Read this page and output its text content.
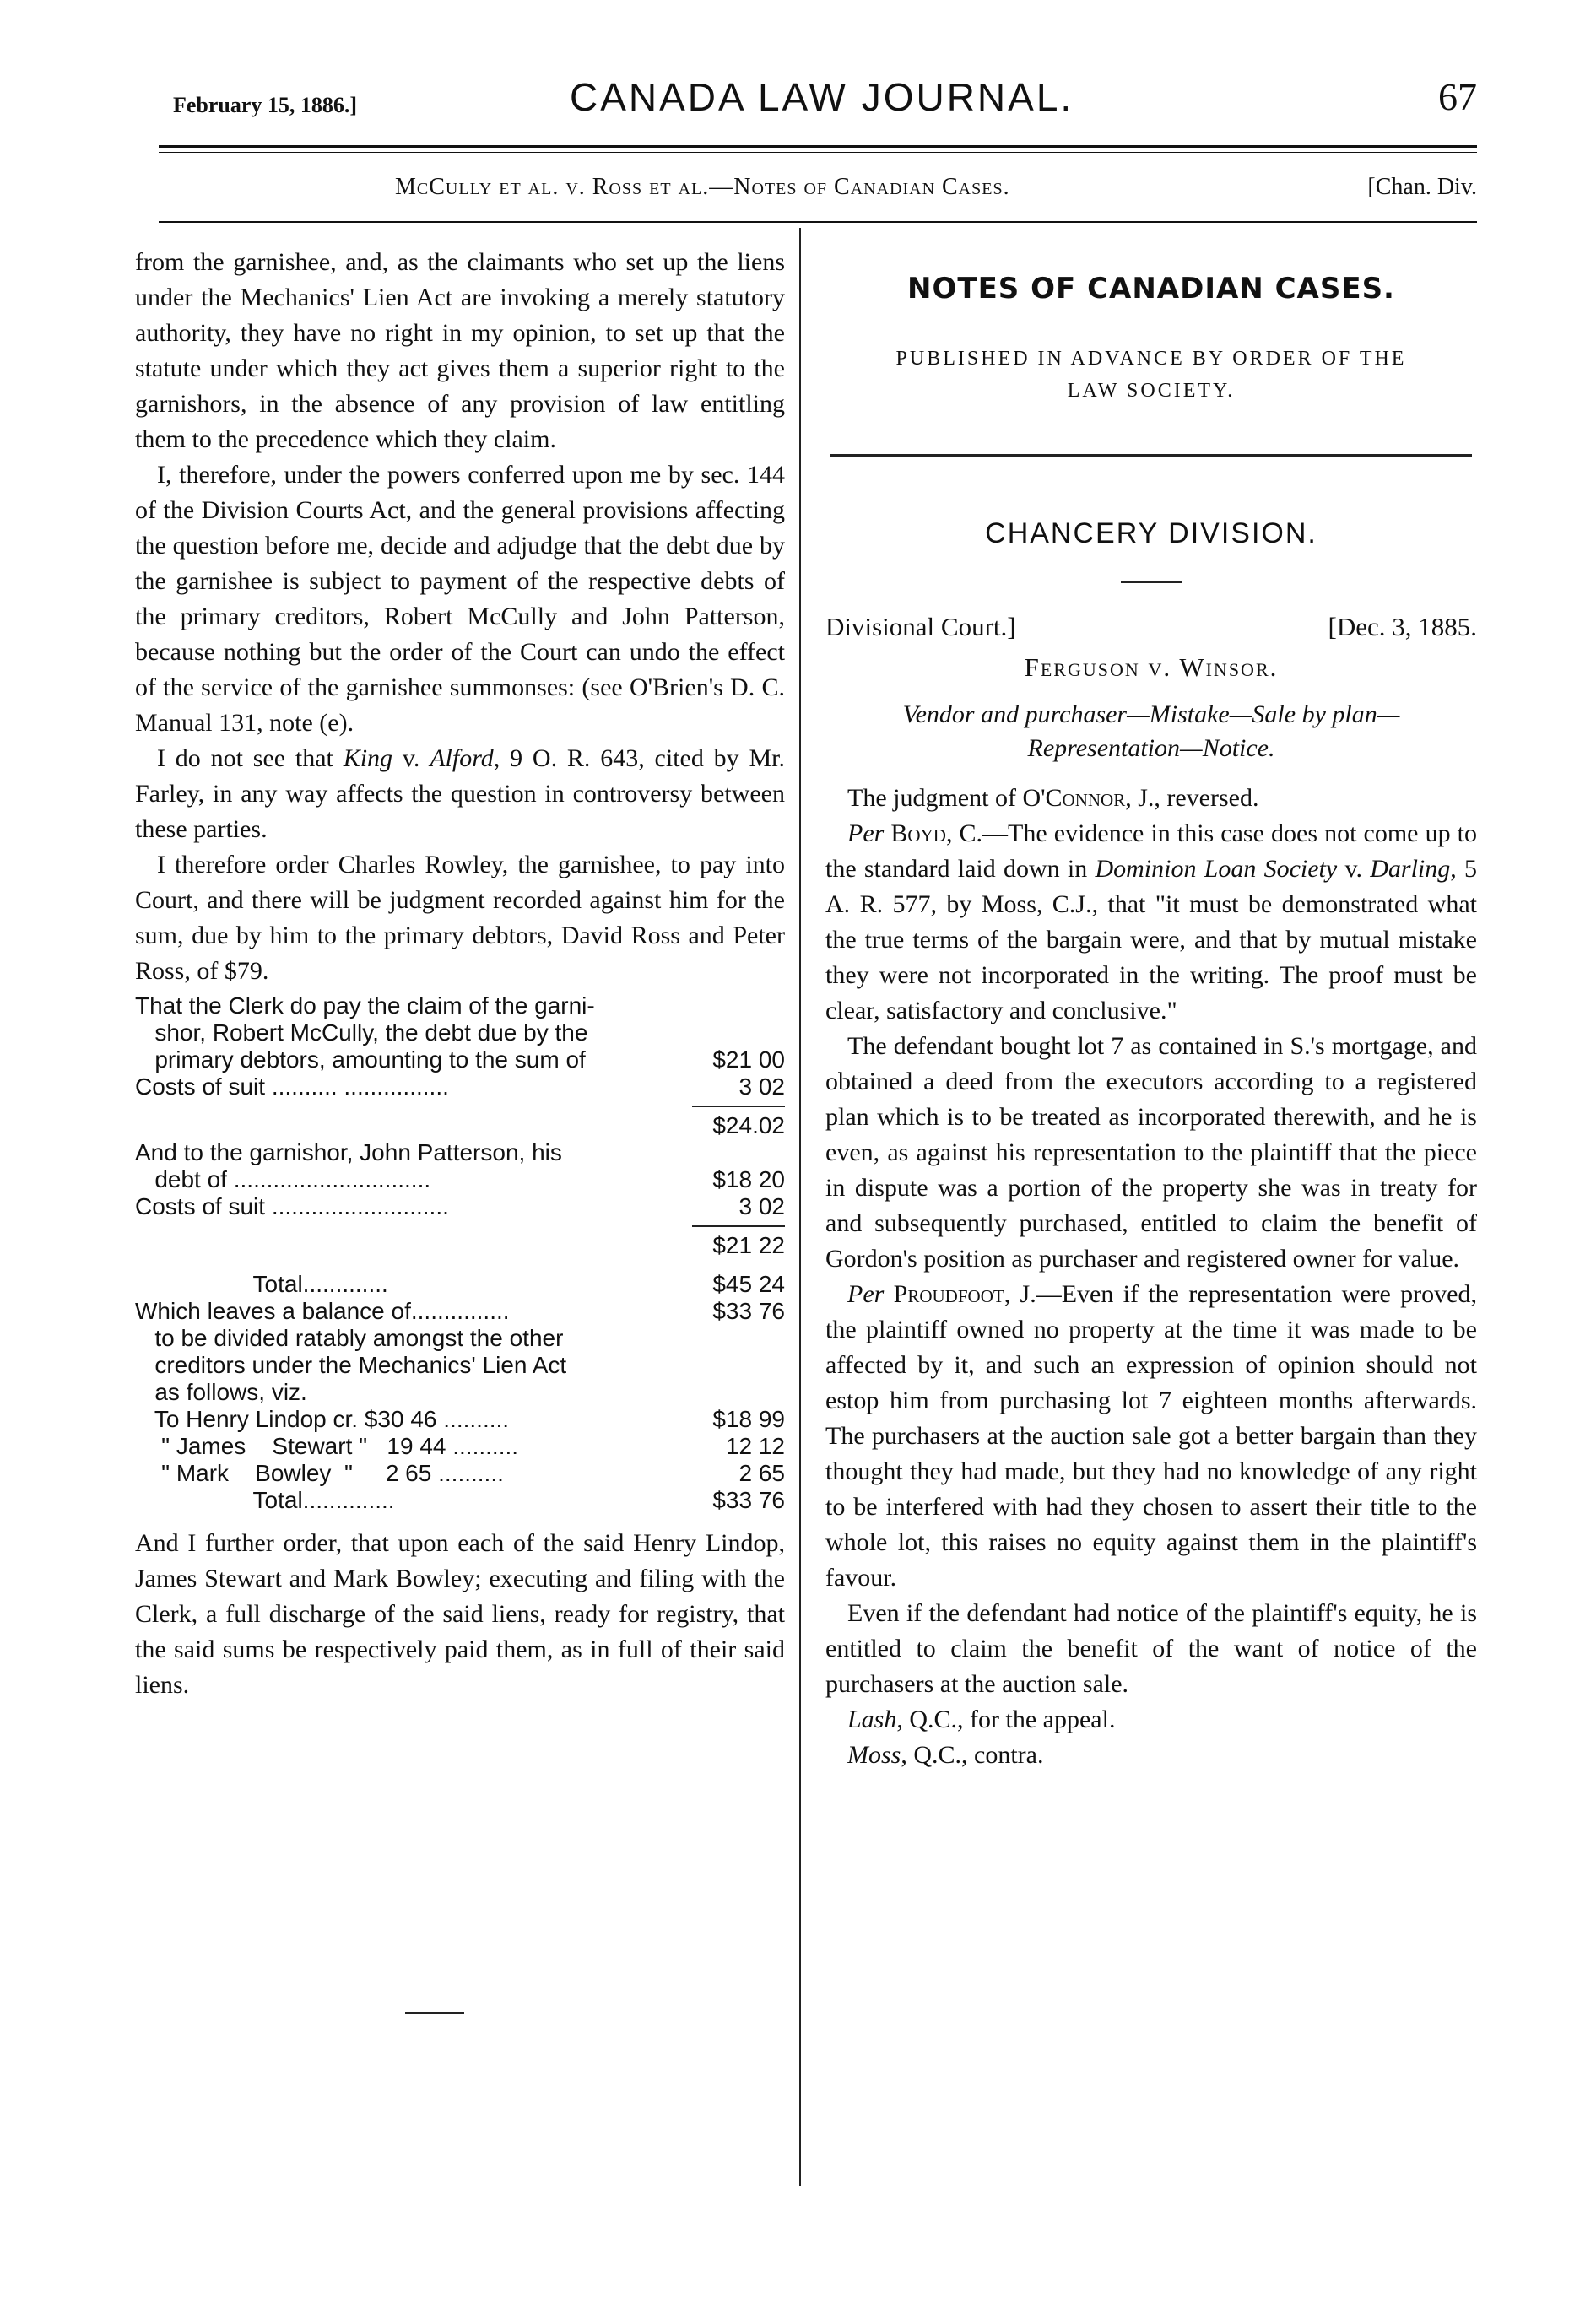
February 15, 1886.]	CANADA LAW JOURNAL.	67
McCully et al. v. Ross et al.—Notes of Canadian Cases.	[Chan. Div.

from the garnishee, and, as the claimants who set up the liens under the Mechanics' Lien Act are invoking a merely statutory authority, they have no right in my opinion, to set up that the statute under which they act gives them a superior right to the garnishors, in the absence of any provision of law entitling them to the precedence which they claim.

I, therefore, under the powers conferred upon me by sec. 144 of the Division Courts Act, and the general provisions affecting the question before me, decide and adjudge that the debt due by the garnishee is subject to payment of the respective debts of the primary creditors, Robert McCully and John Patterson, because nothing but the order of the Court can undo the effect of the service of the garnishee summonses: (see O'Brien's D. C. Manual 131, note (e).

I do not see that King v. Alford, 9 O. R. 643, cited by Mr. Farley, in any way affects the question in controversy between these parties.

I therefore order Charles Rowley, the garnishee, to pay into Court, and there will be judgment recorded against him for the sum, due by him to the primary debtors, David Ross and Peter Ross, of $79.

That the Clerk do pay the claim of the garni-
shor, Robert McCully, the debt due by the
primary debtors, amounting to the sum of	$21 00
Costs of suit .......... ................	3 02
$24.02
And to the garnishor, John Patterson, his
debt of ..............................	$18 20
Costs of suit ...........................	3 02
$21 22
Total.............	$45 24
Which leaves a balance of...............	$33 76
to be divided ratably amongst the other
creditors under the Mechanics' Lien Act
as follows, viz.
To Henry Lindop cr. $30 46 ..........	$18 99
" James    Stewart "   19 44 ..........	12 12
" Mark    Bowley  "     2 65 ..........	2 65
Total..............	$33 76

And I further order, that upon each of the said Henry Lindop, James Stewart and Mark Bowley; executing and filing with the Clerk, a full discharge of the said liens, ready for registry, that the said sums be respectively paid them, as in full of their said liens.

NOTES OF CANADIAN CASES.
PUBLISHED IN ADVANCE BY ORDER OF THE
LAW SOCIETY.
CHANCERY DIVISION.
Divisional Court.]	[Dec. 3, 1885.
Ferguson v. Winsor.
Vendor and purchaser—Mistake—Sale by plan—
Representation—Notice.

The judgment of O'Connor, J., reversed.

Per Boyd, C.—The evidence in this case does not come up to the standard laid down in Dominion Loan Society v. Darling, 5 A. R. 577, by Moss, C.J., that "it must be demonstrated what the true terms of the bargain were, and that by mutual mistake they were not incorporated in the writing. The proof must be clear, satisfactory and conclusive."

The defendant bought lot 7 as contained in S.'s mortgage, and obtained a deed from the executors according to a registered plan which is to be treated as incorporated therewith, and he is even, as against his representation to the plaintiff that the piece in dispute was a portion of the property she was in treaty for and subsequently purchased, entitled to claim the benefit of Gordon's position as purchaser and registered owner for value.

Per Proudfoot, J.—Even if the representation were proved, the plaintiff owned no property at the time it was made to be affected by it, and such an expression of opinion should not estop him from purchasing lot 7 eighteen months afterwards. The purchasers at the auction sale got a better bargain than they thought they had made, but they had no knowledge of any right to be interfered with had they chosen to assert their title to the whole lot, this raises no equity against them in the plaintiff's favour.

Even if the defendant had notice of the plaintiff's equity, he is entitled to claim the benefit of the want of notice of the purchasers at the auction sale.

Lash, Q.C., for the appeal.

Moss, Q.C., contra.
